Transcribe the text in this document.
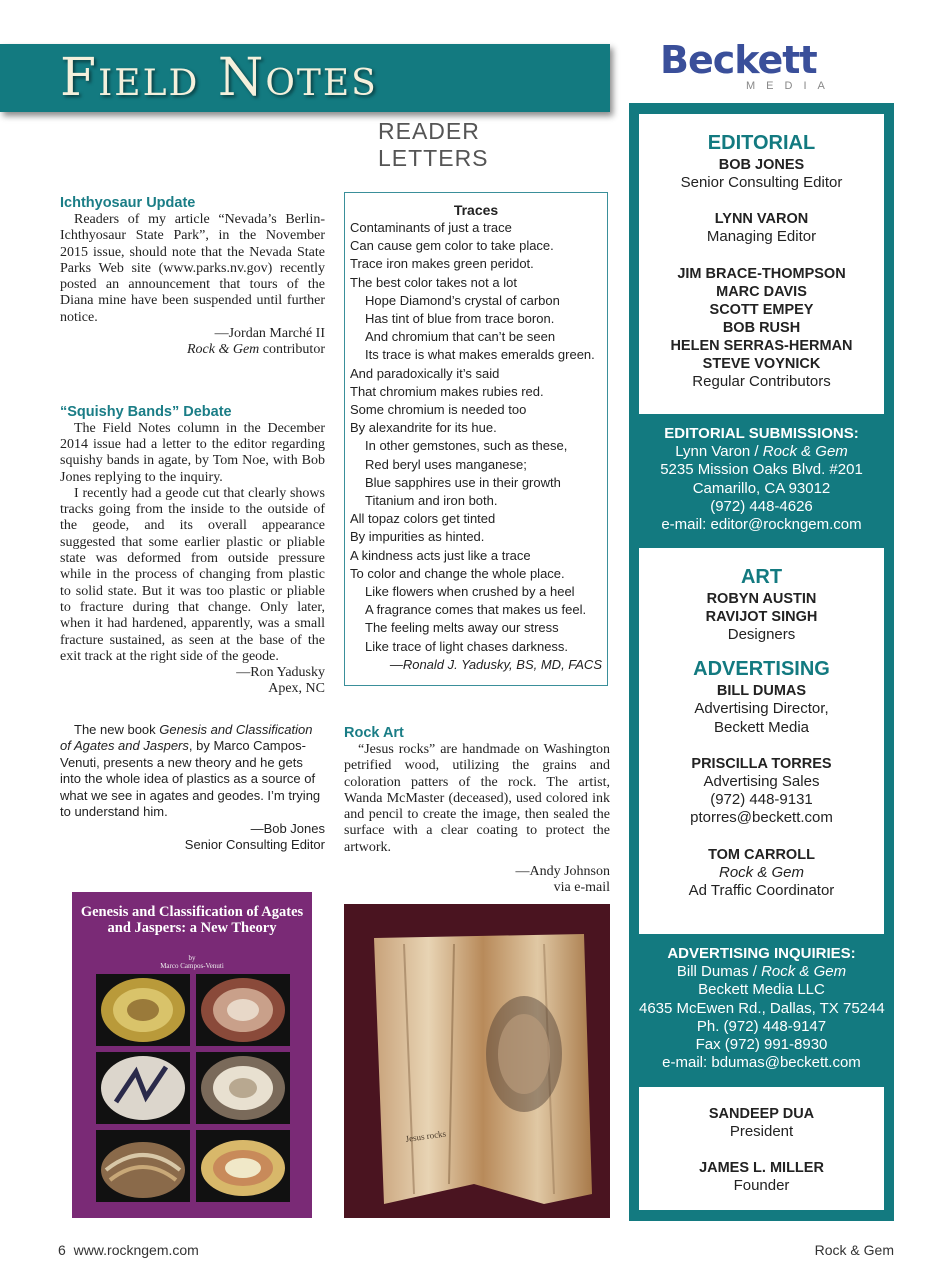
Field Notes
READER LETTERS
Beckett
MEDIA
Ichthyosaur Update

Readers of my article “Nevada’s Berlin-Ichthyosaur State Park”, in the November 2015 issue, should note that the Nevada State Parks Web site (www.parks.nv.gov) recently posted an announcement that tours of the Diana mine have been suspended until further notice.

—Jordan Marché II
Rock & Gem contributor
“Squishy Bands” Debate

The Field Notes column in the December 2014 issue had a letter to the editor regarding squishy bands in agate, by Tom Noe, with Bob Jones replying to the inquiry.

I recently had a geode cut that clearly shows tracks going from the inside to the outside of the geode, and its overall appearance suggested that some earlier plastic or pliable state was deformed from outside pressure while in the process of changing from plastic to solid state. But it was too plastic or pliable to fracture during that change. Only later, when it had hardened, apparently, was a small fracture sustained, as seen at the base of the exit track at the right side of the geode.

—Ron Yadusky
Apex, NC
The new book Genesis and Classification of Agates and Jaspers, by Marco Campos-Venuti, presents a new theory and he gets into the whole idea of plastics as a source of what we see in agates and geodes. I’m trying to understand him.
—Bob Jones
Senior Consulting Editor
Genesis and Classification of Agates and Jaspers: a New Theory
by
Marco Campos-Venuti
Traces
Contaminants of just a trace
Can cause gem color to take place.
Trace iron makes green peridot.
The best color takes not a lot
Hope Diamond’s crystal of carbon
Has tint of blue from trace boron.
And chromium that can’t be seen
Its trace is what makes emeralds green.
And paradoxically it’s said
That chromium makes rubies red.
Some chromium is needed too
By alexandrite for its hue.
In other gemstones, such as these,
Red beryl uses manganese;
Blue sapphires use in their growth
Titanium and iron both.
All topaz colors get tinted
By impurities as hinted.
A kindness acts just like a trace
To color and change the whole place.
Like flowers when crushed by a heel
A fragrance comes that makes us feel.
The feeling melts away our stress
Like trace of light chases darkness.
—Ronald J. Yadusky, BS, MD, FACS
Rock Art

“Jesus rocks” are handmade on Washington petrified wood, utilizing the grains and coloration patters of the rock. The artist, Wanda McMaster (deceased), used colored ink and pencil to create the image, then sealed the surface with a clear coating to protect the artwork.

—Andy Johnson
via e-mail
Jesus rocks
EDITORIAL
BOB JONES
Senior Consulting Editor
LYNN VARON
Managing Editor
JIM BRACE-THOMPSON
MARC DAVIS
SCOTT EMPEY
BOB RUSH
HELEN SERRAS-HERMAN
STEVE VOYNICK
Regular Contributors
EDITORIAL SUBMISSIONS:
Lynn Varon / Rock & Gem
5235 Mission Oaks Blvd. #201
Camarillo, CA 93012
(972) 448-4626
e-mail: editor@rockngem.com
ART
ROBYN AUSTIN
RAVIJOT SINGH
Designers
ADVERTISING
BILL DUMAS
Advertising Director,
Beckett Media
PRISCILLA TORRES
Advertising Sales
(972) 448-9131
ptorres@beckett.com
TOM CARROLL
Rock & Gem
Ad Traffic Coordinator
ADVERTISING INQUIRIES:
Bill Dumas / Rock & Gem
Beckett Media LLC
4635 McEwen Rd., Dallas, TX 75244
Ph. (972) 448-9147
Fax (972) 991-8930
e-mail: bdumas@beckett.com
SANDEEP DUA
President
JAMES L. MILLER
Founder
6 www.rockngem.com	Rock & Gem
